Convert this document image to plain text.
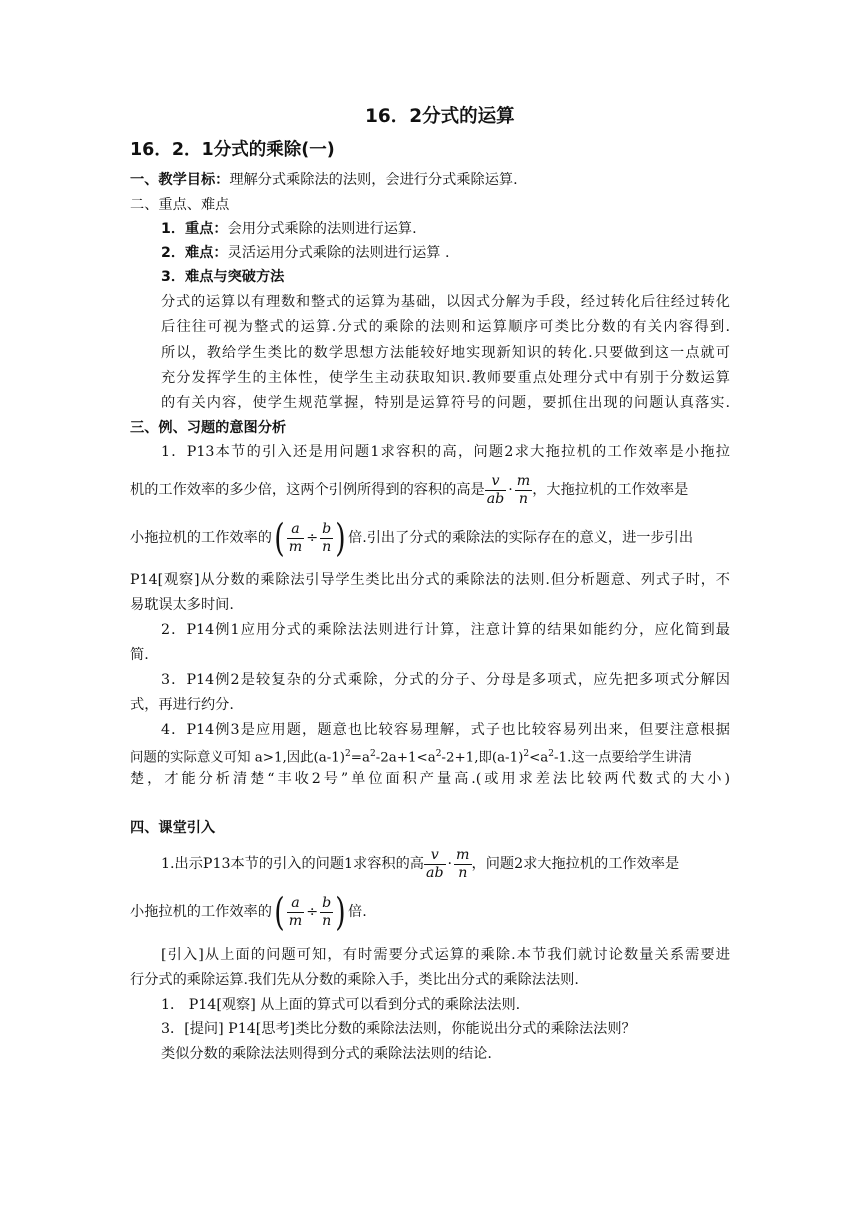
16．2分式的运算
16．2．1分式的乘除(一)
一、教学目标：理解分式乘除法的法则，会进行分式乘除运算.
二、重点、难点
1．重点：会用分式乘除的法则进行运算.
2．难点：灵活运用分式乘除的法则进行运算 .
3．难点与突破方法
分式的运算以有理数和整式的运算为基础，以因式分解为手段，经过转化后往经过转化
后往往可视为整式的运算.分式的乘除的法则和运算顺序可类比分数的有关内容得到.
所以，教给学生类比的数学思想方法能较好地实现新知识的转化.只要做到这一点就可
充分发挥学生的主体性，使学生主动获取知识.教师要重点处理分式中有别于分数运算
的有关内容，使学生规范掌握，特别是运算符号的问题，要抓住出现的问题认真落实.
三、例、习题的意图分析
1．P13本节的引入还是用问题1求容积的高，问题2求大拖拉机的工作效率是小拖拉
机的工作效率的多少倍，这两个引例所得到的容积的高是 $\frac{v}{ab} \cdot \frac{m}{n}$ ，大拖拉机的工作效率是
小拖拉机的工作效率的( $\frac{a}{m} \div \frac{b}{n}$ ) 倍.引出了分式的乘除法的实际存在的意义，进一步引出
P14[观察]从分数的乘除法引导学生类比出分式的乘除法的法则.但分析题意、列式子时，不
易耽误太多时间.
2．P14例1应用分式的乘除法法则进行计算，注意计算的结果如能约分，应化简到最
简.
3．P14例2是较复杂的分式乘除，分式的分子、分母是多项式，应先把多项式分解因
式，再进行约分.
4．P14例3是应用题，题意也比较容易理解，式子也比较容易列出来，但要注意根据
问题的实际意义可知 a>1,因此$(a-1)^2=a^2-2a+1<a^2-2+1$,即$(a-1)^2<a^2-1$.这一点要给学生讲清
楚，才能分析清楚“丰收2号”单位面积产量高.(或用求差法比较两代数式的大小)
四、课堂引入
1.出示P13本节的引入的问题1求容积的高 $\frac{v}{ab} \cdot \frac{m}{n}$ ，问题2求大拖拉机的工作效率是
小拖拉机的工作效率的( $\frac{a}{m} \div \frac{b}{n}$ ) 倍.
[引入]从上面的问题可知，有时需要分式运算的乘除.本节我们就讨论数量关系需要进
行分式的乘除运算.我们先从分数的乘除入手，类比出分式的乘除法法则.
1． P14[观察] 从上面的算式可以看到分式的乘除法法则.
3．[提问] P14[思考]类比分数的乘除法法则，你能说出分式的乘除法法则？
类似分数的乘除法法则得到分式的乘除法法则的结论.
